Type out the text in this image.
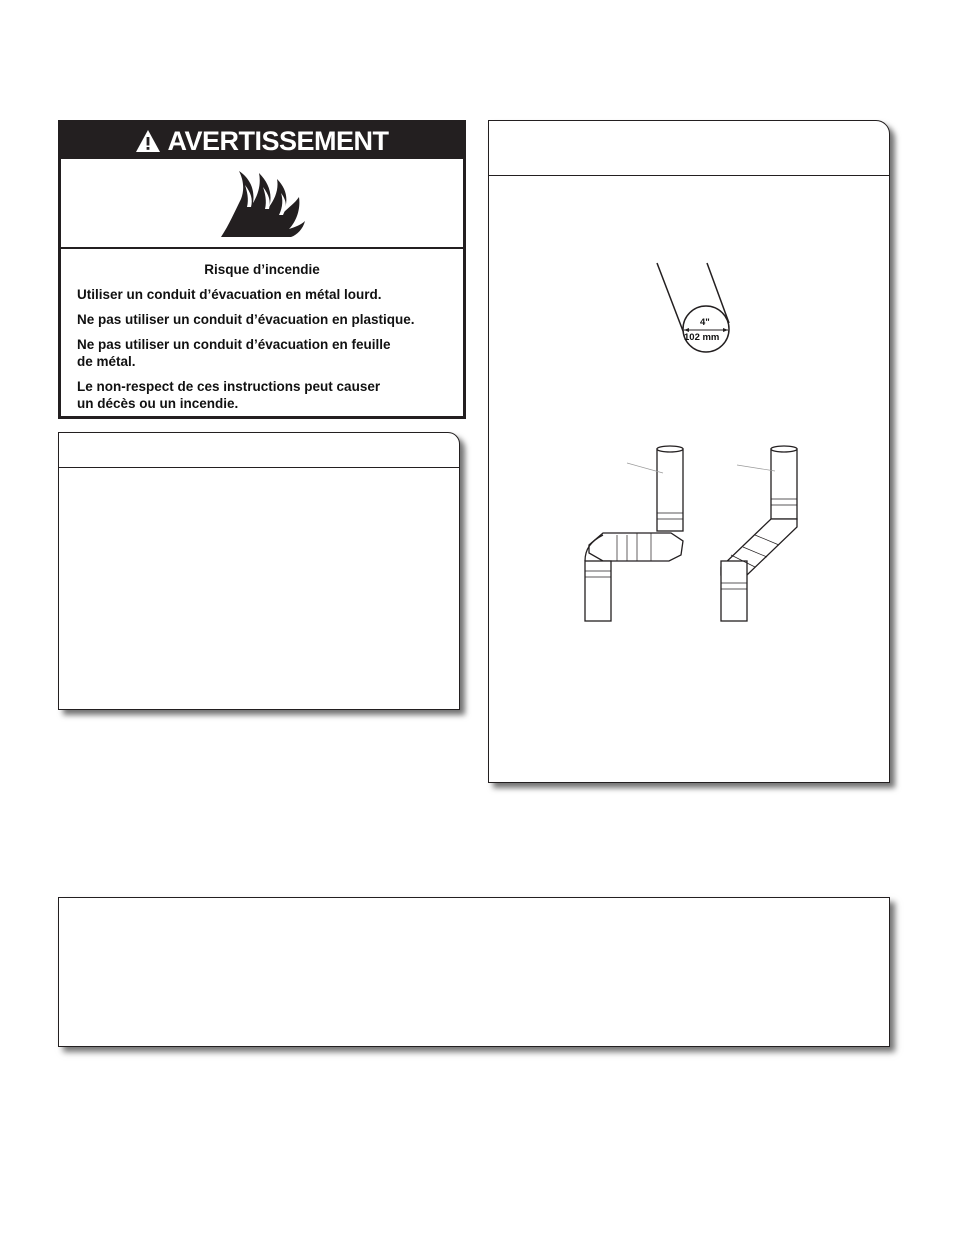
AVERTISSEMENT
Risque d’incendie

Utiliser un conduit d’évacuation en métal lourd.

Ne pas utiliser un conduit d’évacuation en plastique.

Ne pas utiliser un conduit d’évacuation en feuille
de métal.

Le non-respect de ces instructions peut causer
un décès ou un incendie.

4"
102 mm
